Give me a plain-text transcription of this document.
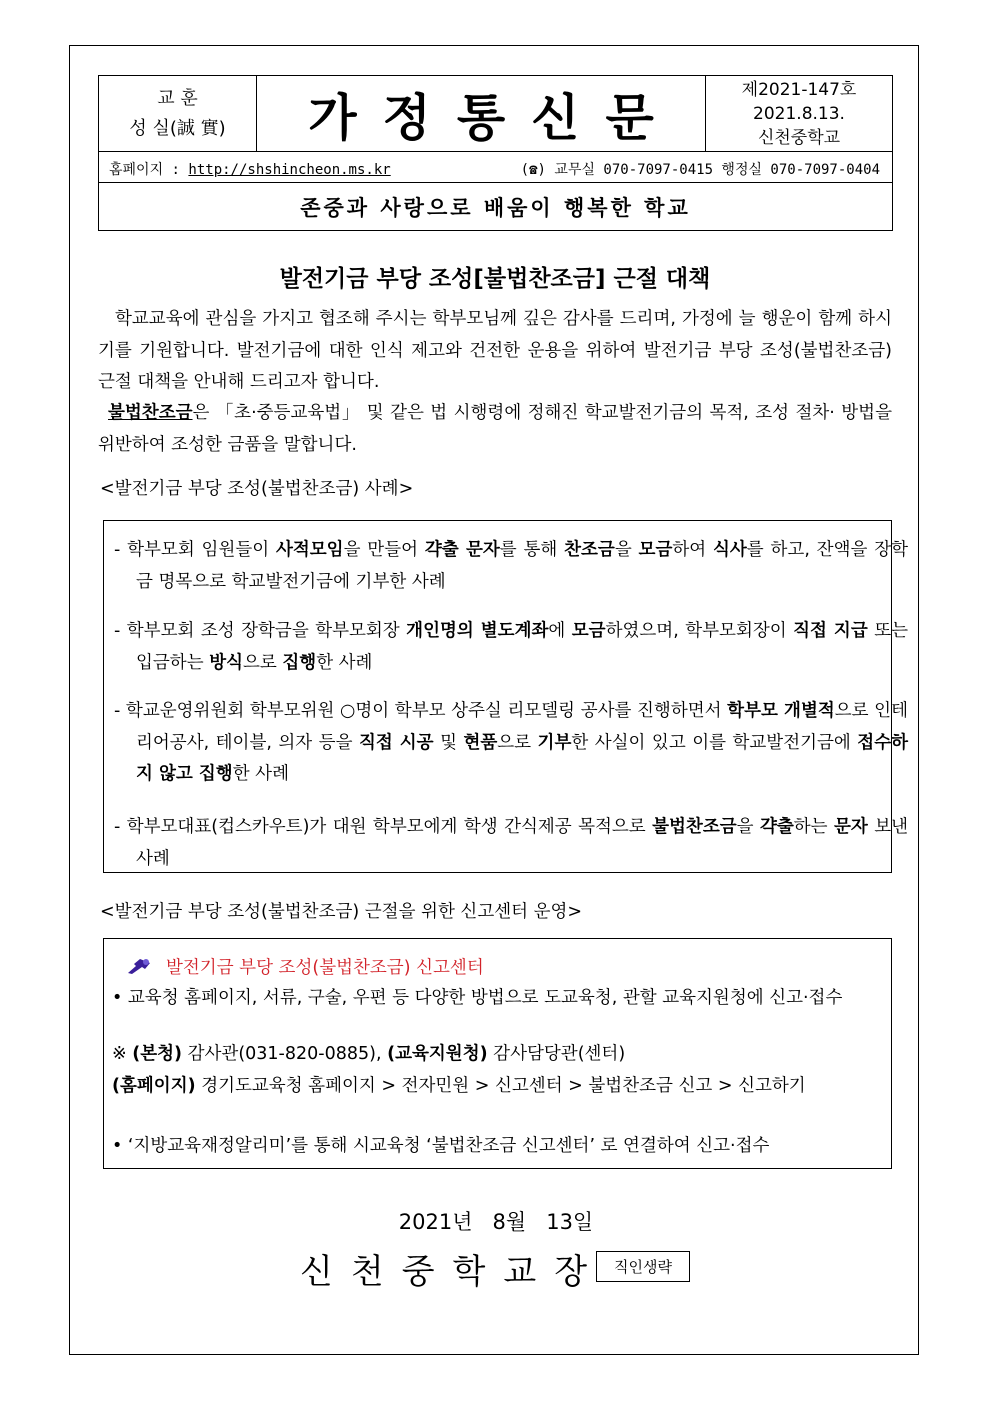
교 훈
성 실(誠 實)	가정통신문	제2021-147호
2021.8.13.
신천중학교
홈페이지 : http://shshincheon.ms.kr	(☎) 교무실 070-7097-0415 행정실 070-7097-0404
존중과 사랑으로 배움이 행복한 학교
발전기금 부당 조성[불법찬조금] 근절 대책
학교교육에 관심을 가지고 협조해 주시는 학부모님께 깊은 감사를 드리며, 가정에 늘 행운이 함께 하시기를 기원합니다. 발전기금에 대한 인식 제고와 건전한 운용을 위하여 발전기금 부당 조성(불법찬조금) 근절 대책을 안내해 드리고자 합니다.
불법찬조금은 「초·중등교육법」 및 같은 법 시행령에 정해진 학교발전기금의 목적, 조성 절차· 방법을 위반하여 조성한 금품을 말합니다.
<발전기금 부당 조성(불법찬조금) 사례>
- 학부모회 임원들이 사적모임을 만들어 갹출 문자를 통해 찬조금을 모금하여 식사를 하고, 잔액을 장학금 명목으로 학교발전기금에 기부한 사례
- 학부모회 조성 장학금을 학부모회장 개인명의 별도계좌에 모금하였으며, 학부모회장이 직접 지급 또는 입금하는 방식으로 집행한 사례
- 학교운영위원회 학부모위원 ○명이 학부모 상주실 리모델링 공사를 진행하면서 학부모 개별적으로 인테리어공사, 테이블, 의자 등을 직접 시공 및 현품으로 기부한 사실이 있고 이를 학교발전기금에 접수하지 않고 집행한 사례
- 학부모대표(컵스카우트)가 대원 학부모에게 학생 간식제공 목적으로 불법찬조금을 갹출하는 문자 보낸 사례
<발전기금 부당 조성(불법찬조금) 근절을 위한 신고센터 운영>
발전기금 부당 조성(불법찬조금) 신고센터
• 교육청 홈페이지, 서류, 구술, 우편 등 다양한 방법으로 도교육청, 관할 교육지원청에 신고·접수
※ (본청) 감사관(031-820-0885), (교육지원청) 감사담당관(센터)
(홈페이지) 경기도교육청 홈페이지 > 전자민원 > 신고센터 > 불법찬조금 신고 > 신고하기
• ‘지방교육재정알리미’를 통해 시교육청 ‘불법찬조금 신고센터’ 로 연결하여 신고·접수
2021년   8월   13일
신천중학교장 직인생략
